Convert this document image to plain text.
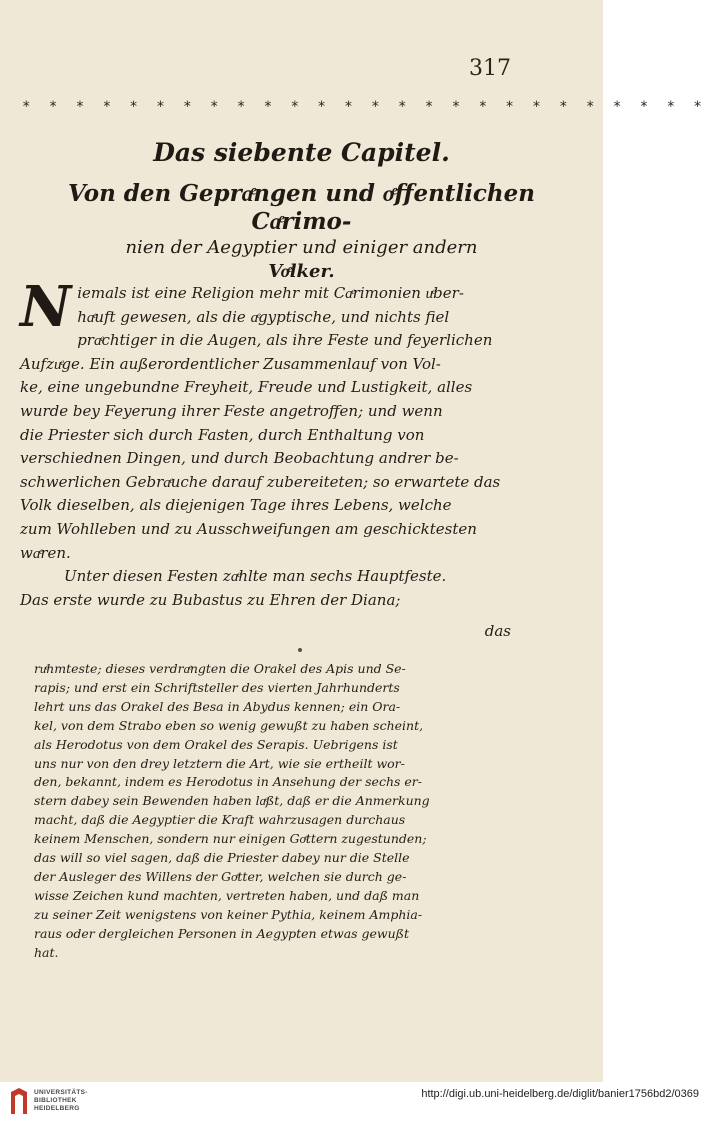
317
* * * * * * * * * * * * * * * * * * * * * * * * * *
Das siebente Capitel.
Von den Gepraͤngen und oͤffentlichen Caͤrimo-
nien der Aegyptier und einiger andern
Voͤlker.
N iemals ist eine Religion mehr mit Caͤrimonien uͤber-
haͤuft gewesen, als die aͤgyptische, und nichts fiel
praͤchtiger in die Augen, als ihre Feste und feyerlichen
Aufzuͤge. Ein außerordentlicher Zusammenlauf von Vol-
ke, eine ungebundne Freyheit, Freude und Lustigkeit, alles
wurde bey Feyerung ihrer Feste angetroffen; und wenn
die Priester sich durch Fasten, durch Enthaltung von
verschiednen Dingen, und durch Beobachtung andrer be-
schwerlichen Gebraͤuche darauf zubereiteten; so erwartete das
Volk dieselben, als diejenigen Tage ihres Lebens, welche
zum Wohlleben und zu Ausschweifungen am geschicktesten
waͤren.
Unter diesen Festen zaͤhlte man sechs Hauptfeste.
Das erste wurde zu Bubastus zu Ehren der Diana;
das
ruͤhmteste; dieses verdraͤngten die Orakel des Apis und Se-
rapis; und erst ein Schriftsteller des vierten Jahrhunderts
lehrt uns das Orakel des Besa in Abydus kennen; ein Ora-
kel, von dem Strabo eben so wenig gewußt zu haben scheint,
als Herodotus von dem Orakel des Serapis. Uebrigens ist
uns nur von den drey letztern die Art, wie sie ertheilt wor-
den, bekannt, indem es Herodotus in Ansehung der sechs er-
stern dabey sein Bewenden haben laͤßt, daß er die Anmerkung
macht, daß die Aegyptier die Kraft wahrzusagen durchaus
keinem Menschen, sondern nur einigen Goͤttern zugestunden;
das will so viel sagen, daß die Priester dabey nur die Stelle
der Ausleger des Willens der Goͤtter, welchen sie durch ge-
wisse Zeichen kund machten, vertreten haben, und daß man
zu seiner Zeit wenigstens von keiner Pythia, keinem Amphia-
raus oder dergleichen Personen in Aegypten etwas gewußt
hat.
UNIVERSITÄTS-
BIBLIOTHEK
HEIDELBERG
http://digi.ub.uni-heidelberg.de/diglit/banier1756bd2/0369
